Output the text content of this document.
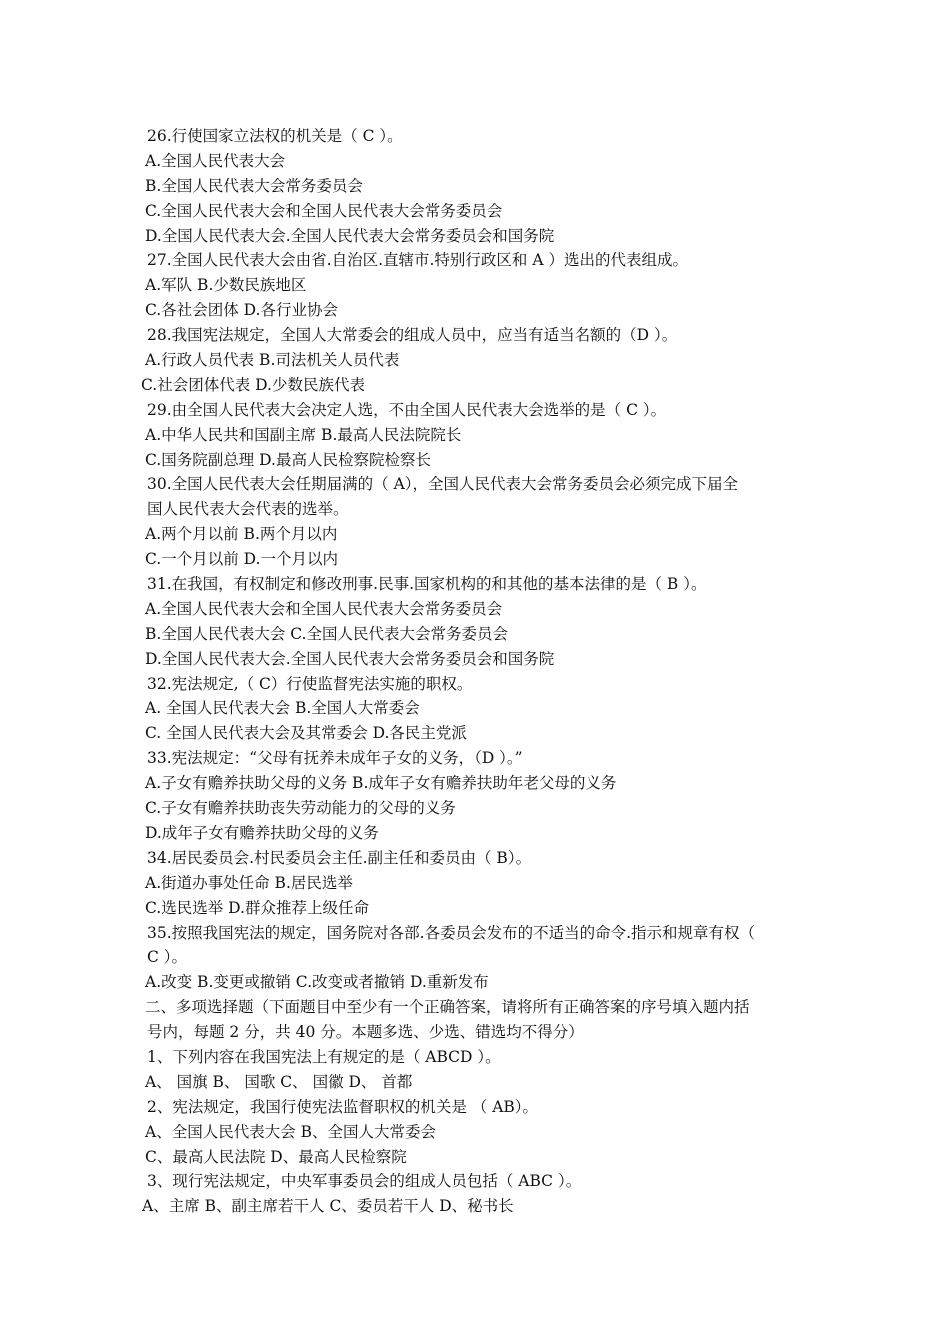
26.行使国家立法权的机关是（ C ）。
A.全国人民代表大会
B.全国人民代表大会常务委员会
C.全国人民代表大会和全国人民代表大会常务委员会
D.全国人民代表大会.全国人民代表大会常务委员会和国务院
27.全国人民代表大会由省.自治区.直辖市.特别行政区和 A ）选出的代表组成。
A.军队 B.少数民族地区
C.各社会团体 D.各行业协会
28.我国宪法规定，全国人大常委会的组成人员中，应当有适当名额的（D ）。
A.行政人员代表 B.司法机关人员代表
C.社会团体代表 D.少数民族代表
29.由全国人民代表大会决定人选，不由全国人民代表大会选举的是（ C ）。
A.中华人民共和国副主席 B.最高人民法院院长
C.国务院副总理 D.最高人民检察院检察长
30.全国人民代表大会任期届满的（ A），全国人民代表大会常务委员会必须完成下届全
国人民代表大会代表的选举。
A.两个月以前 B.两个月以内
C.一个月以前 D.一个月以内
31.在我国，有权制定和修改刑事.民事.国家机构的和其他的基本法律的是（ B ）。
A.全国人民代表大会和全国人民代表大会常务委员会
B.全国人民代表大会 C.全国人民代表大会常务委员会
D.全国人民代表大会.全国人民代表大会常务委员会和国务院
32.宪法规定,（ C）行使监督宪法实施的职权。
A. 全国人民代表大会 B.全国人大常委会
C. 全国人民代表大会及其常委会 D.各民主党派
33.宪法规定：“父母有抚养未成年子女的义务，（D ）。”
A.子女有赡养扶助父母的义务 B.成年子女有赡养扶助年老父母的义务
C.子女有赡养扶助丧失劳动能力的父母的义务
D.成年子女有赡养扶助父母的义务
34.居民委员会.村民委员会主任.副主任和委员由（ B）。
A.街道办事处任命 B.居民选举
C.选民选举 D.群众推荐上级任命
35.按照我国宪法的规定，国务院对各部.各委员会发布的不适当的命令.指示和规章有权（
C ）。
A.改变 B.变更或撤销 C.改变或者撤销 D.重新发布
二、多项选择题（下面题目中至少有一个正确答案，请将所有正确答案的序号填入题内括
号内，每题 2 分，共 40 分。本题多选、少选、错选均不得分）
1、下列内容在我国宪法上有规定的是（ ABCD ）。
A、 国旗 B、 国歌 C、 国徽 D、 首都
2、宪法规定，我国行使宪法监督职权的机关是 （ AB）。
A、全国人民代表大会 B、全国人大常委会
C、最高人民法院 D、最高人民检察院
3、现行宪法规定，中央军事委员会的组成人员包括（ ABC ）。
A、主席 B、副主席若干人 C、委员若干人 D、秘书长
